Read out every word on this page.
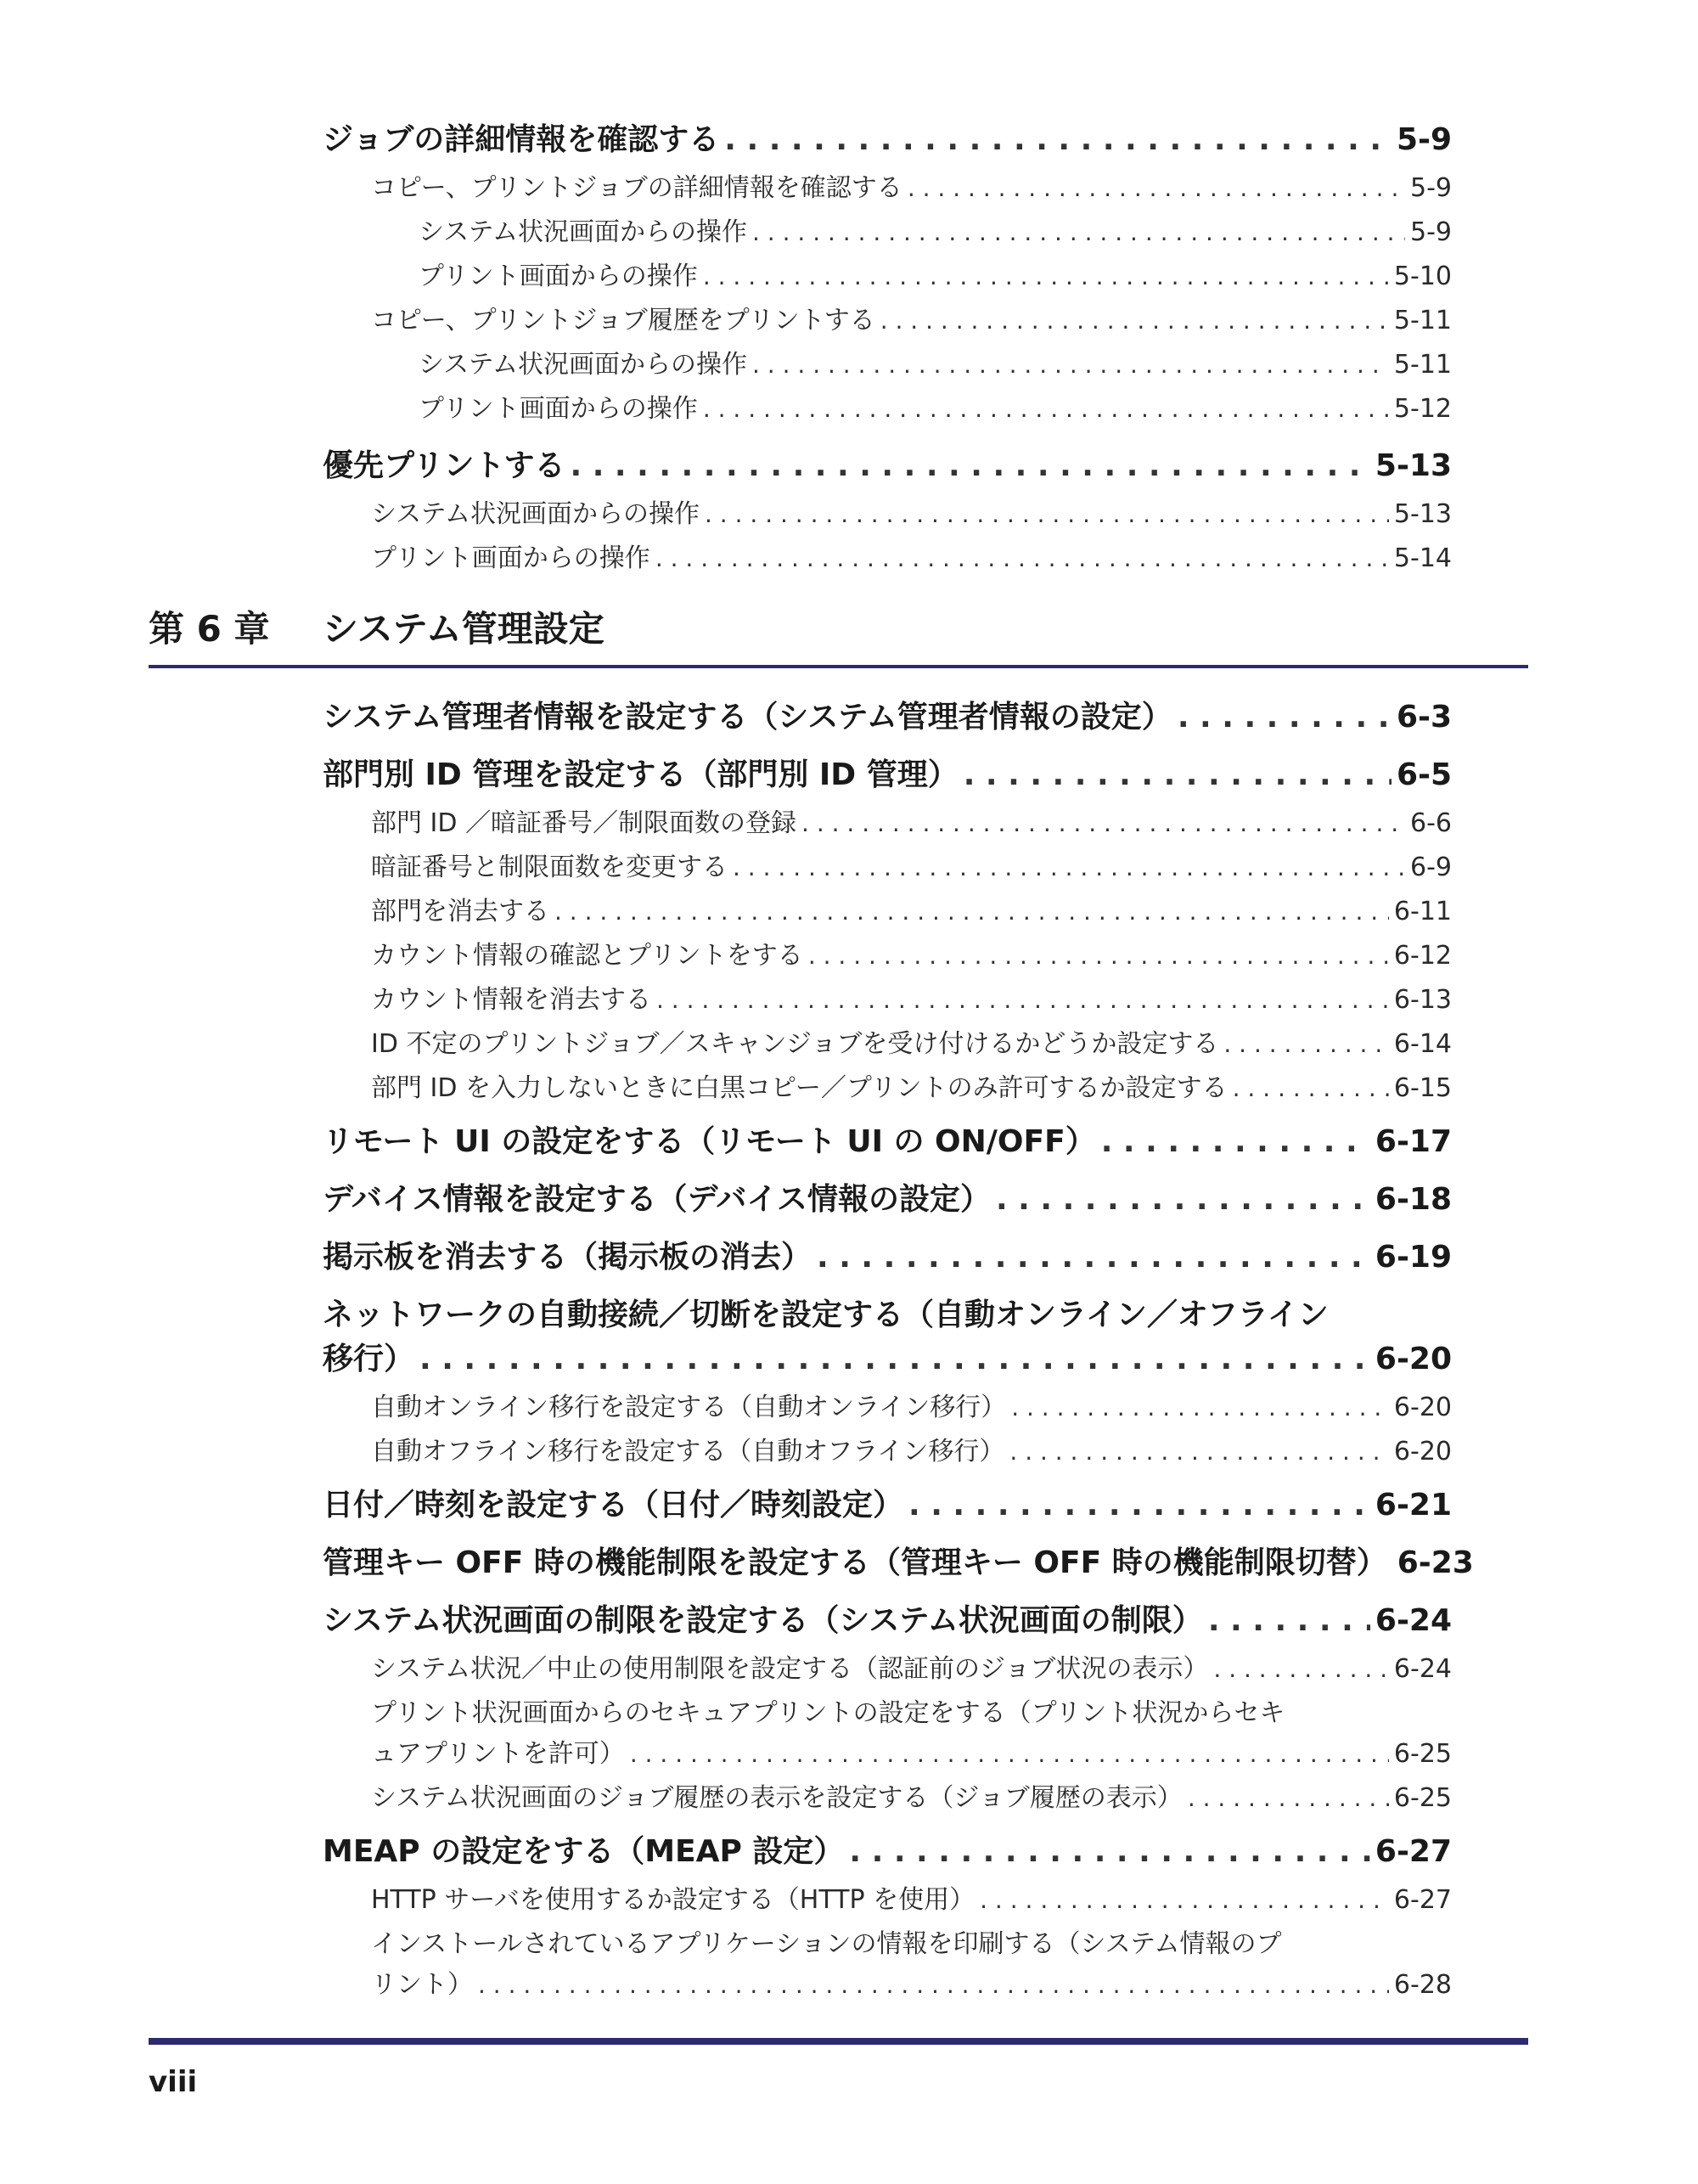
ジョブの詳細情報を確認する . . .	5-9
コピー、プリントジョブの詳細情報を確認する . . .	5-9
システム状況画面からの操作 . . .	5-9
プリント画面からの操作 . . .	5-10
コピー、プリントジョブ履歴をプリントする . . .	5-11
システム状況画面からの操作 . . .	5-11
プリント画面からの操作 . . .	5-12
優先プリントする . . .	5-13
システム状況画面からの操作 . . .	5-13
プリント画面からの操作 . . .	5-14
第 6 章 システム管理設定
システム管理者情報を設定する（システム管理者情報の設定） . . .	6-3
部門別 ID 管理を設定する（部門別 ID 管理） . . .	6-5
部門 ID ／暗証番号／制限面数の登録 . . .	6-6
暗証番号と制限面数を変更する . . .	6-9
部門を消去する . . .	6-11
カウント情報の確認とプリントをする . . .	6-12
カウント情報を消去する . . .	6-13
ID 不定のプリントジョブ／スキャンジョブを受け付けるかどうか設定する . . .	6-14
部門 ID を入力しないときに白黒コピー／プリントのみ許可するか設定する . . .	6-15
リモート UI の設定をする（リモート UI の ON/OFF） . . .	6-17
デバイス情報を設定する（デバイス情報の設定） . . .	6-18
掲示板を消去する（掲示板の消去） . . .	6-19
ネットワークの自動接続／切断を設定する（自動オンライン／オフライン
移行） . . .	6-20
自動オンライン移行を設定する（自動オンライン移行） . . .	6-20
自動オフライン移行を設定する（自動オフライン移行） . . .	6-20
日付／時刻を設定する（日付／時刻設定） . . .	6-21
管理キー OFF 時の機能制限を設定する（管理キー OFF 時の機能制限切替） 6-23
システム状況画面の制限を設定する（システム状況画面の制限） . . .	6-24
システム状況／中止の使用制限を設定する（認証前のジョブ状況の表示） . . .	6-24
プリント状況画面からのセキュアプリントの設定をする（プリント状況からセキ
ュアプリントを許可） . . .	6-25
システム状況画面のジョブ履歴の表示を設定する（ジョブ履歴の表示） . . .	6-25
MEAP の設定をする（MEAP 設定） . . .	6-27
HTTP サーバを使用するか設定する（HTTP を使用） . . .	6-27
インストールされているアプリケーションの情報を印刷する（システム情報のプ
リント） . . .	6-28
viii
